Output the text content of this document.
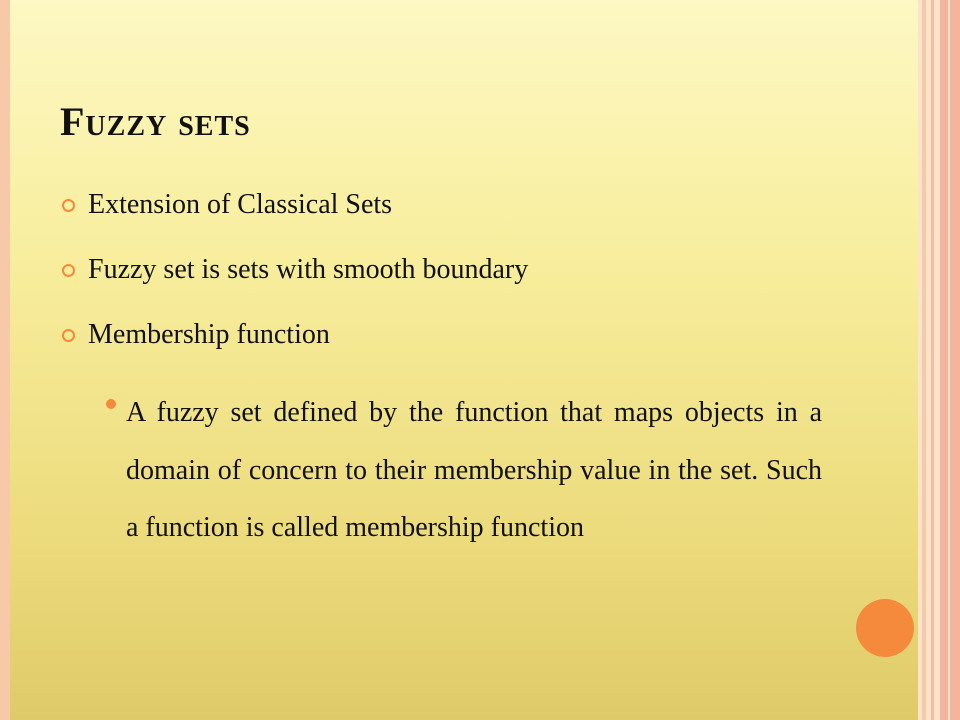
Fuzzy sets
Extension of Classical Sets
Fuzzy set is sets with smooth boundary
Membership function

A fuzzy set defined by the function that maps objects in a domain of concern to their membership value in the set. Such a function is called membership function
